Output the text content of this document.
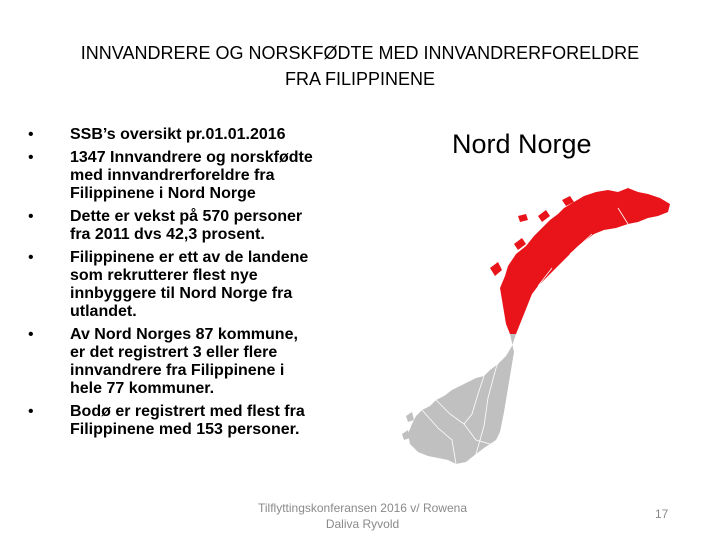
INNVANDRERE OG NORSKFØDTE MED INNVANDRERFORELDRE
FRA FILIPPINENE
• SSB’s oversikt pr.01.01.2016
• 1347 Innvandrere og norskfødte
med innvandrerforeldre fra
Filippinene i Nord Norge
• Dette er vekst på 570 personer
fra 2011 dvs 42,3 prosent.
• Filippinene er ett av de landene
som rekrutterer flest nye
innbyggere til Nord Norge fra
utlandet.
• Av Nord Norges 87 kommune,
er det registrert 3 eller flere
innvandrere fra Filippinene i
hele 77 kommuner.
• Bodø er registrert med flest fra
Filippinene med 153 personer.
Nord Norge
Tilflyttingskonferansen 2016 v/ Rowena
Daliva Ryvold
17
